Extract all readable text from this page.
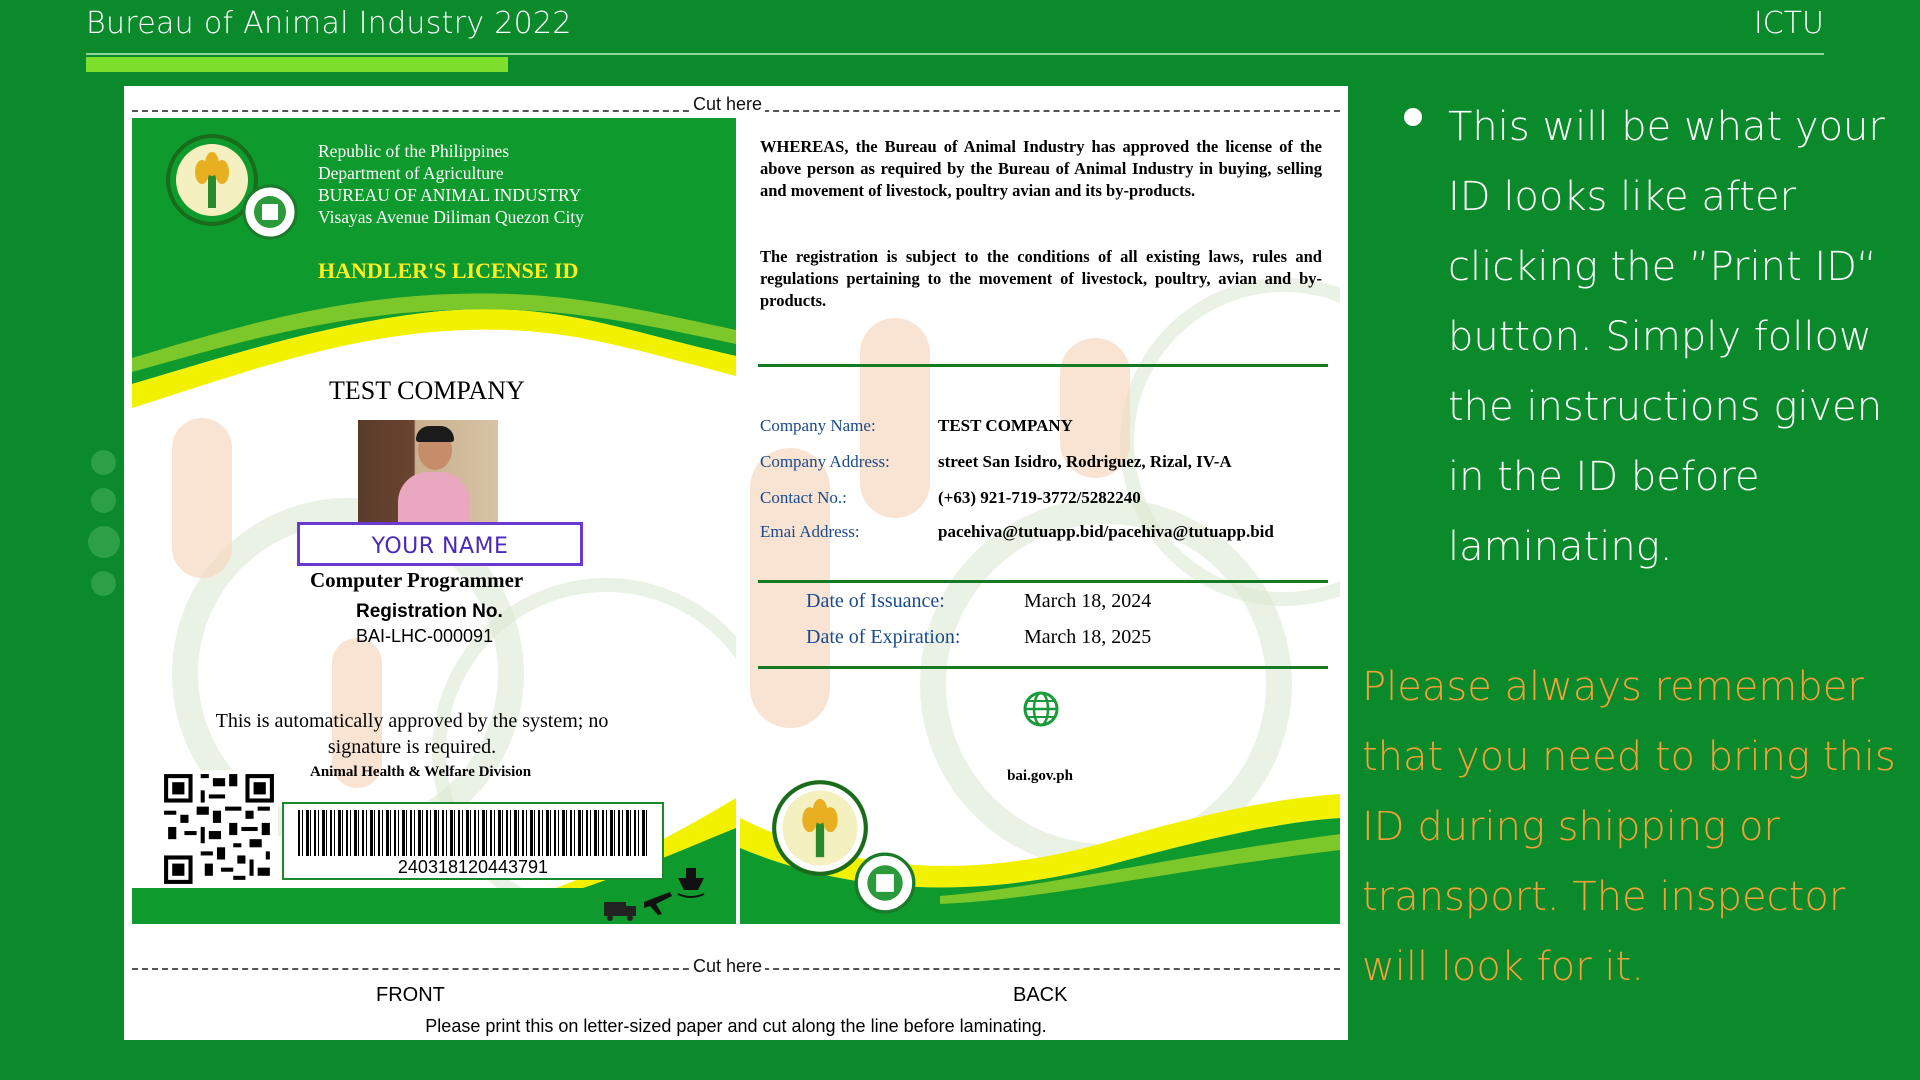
Bureau of Animal Industry 2022	ICTU
Cut here
Republic of the Philippines
Department of Agriculture
BUREAU OF ANIMAL INDUSTRY
Visayas Avenue Diliman Quezon City
HANDLER'S LICENSE ID
TEST COMPANY
YOUR NAME
Computer Programmer
Registration No.
BAI-LHC-000091
This is automatically approved by the system; no signature is required.
Animal Health & Welfare Division
240318120443791
WHEREAS, the Bureau of Animal Industry has approved the license of the above person as required by the Bureau of Animal Industry in buying, selling and movement of livestock, poultry avian and its by-products.
The registration is subject to the conditions of all existing laws, rules and regulations pertaining to the movement of livestock, poultry, avian and by-products.
Company Name:	TEST COMPANY
Company Address:	street San Isidro, Rodriguez, Rizal, IV-A
Contact No.:	(+63) 921-719-3772/5282240
Emai Address:	pacehiva@tutuapp.bid/pacehiva@tutuapp.bid
Date of Issuance:	March 18, 2024
Date of Expiration:	March 18, 2025
bai.gov.ph
Cut here
FRONT	BACK
Please print this on letter-sized paper and cut along the line before laminating.
This will be what your ID looks like after clicking the ”Print ID“ button. Simply follow the instructions given in the ID before laminating.
Please always remember that you need to bring this ID during shipping or transport. The inspector will look for it.
